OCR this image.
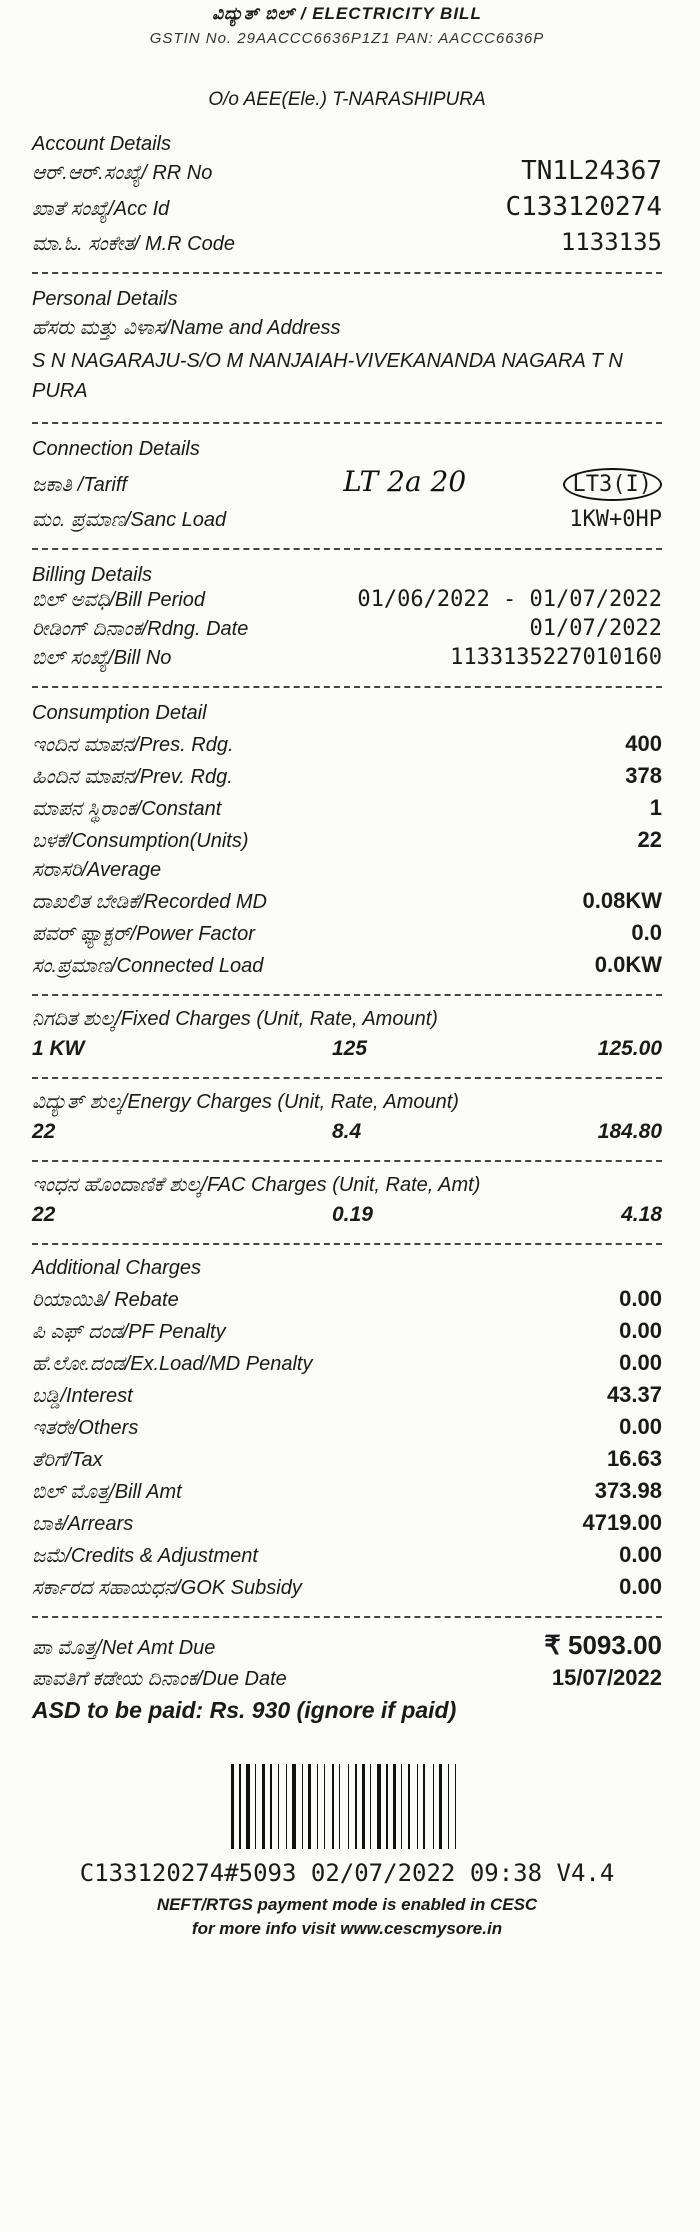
ವಿದ್ಯುತ್ ಬಿಲ್ / ELECTRICITY BILL
GSTIN No. 29AACCC6636P1Z1 PAN: AACCC6636P
O/o AEE(Ele.) T-NARASHIPURA
Account Details
ಆರ್.ಆರ್.ಸಂಖ್ಯೆ/ RR No	TN1L24367
ಖಾತೆ ಸಂಖ್ಯೆ/Acc Id	C133120274
ಮಾ.ಓ. ಸಂಕೇತ/ M.R Code	1133135
Personal Details
ಹೆಸರು ಮತ್ತು ವಿಳಾಸ/Name and Address
S N NAGARAJU-S/O M NANJAIAH-VIVEKANANDA NAGARA T N PURA
Connection Details
ಜಕಾತಿ /Tariff	LT 2a 20	LT3(I)
ಮಂ. ಪ್ರಮಾಣ/Sanc Load	1KW+0HP
Billing Details
ಬಿಲ್ ಅವಧಿ/Bill Period	01/06/2022 - 01/07/2022
ರೀಡಿಂಗ್ ದಿನಾಂಕ/Rdng. Date	01/07/2022
ಬಿಲ್ ಸಂಖ್ಯೆ/Bill No	1133135227010160
Consumption Detail
ಇಂದಿನ ಮಾಪನ/Pres. Rdg.	400
ಹಿಂದಿನ ಮಾಪನ/Prev. Rdg.	378
ಮಾಪನ ಸ್ಥಿರಾಂಕ/Constant	1
ಬಳಕೆ/Consumption(Units)	22
ಸರಾಸರಿ/Average
ದಾಖಲಿತ ಬೇಡಿಕೆ/Recorded MD	0.08KW
ಪವರ್ ಫ್ಯಾಕ್ಟರ್/Power Factor	0.0
ಸಂ.ಪ್ರಮಾಣ/Connected Load	0.0KW
ನಿಗದಿತ ಶುಲ್ಕ/Fixed Charges (Unit, Rate, Amount)
1 KW	125	125.00
ವಿದ್ಯುತ್ ಶುಲ್ಕ/Energy Charges (Unit, Rate, Amount)
22	8.4	184.80
ಇಂಧನ ಹೊಂದಾಣಿಕೆ ಶುಲ್ಕ/FAC Charges (Unit, Rate, Amt)
22	0.19	4.18
Additional Charges
ರಿಯಾಯಿತಿ/ Rebate	0.00
ಪಿ ಎಫ್ ದಂಡ/PF Penalty	0.00
ಹೆ.ಲೋ.ದಂಡ/Ex.Load/MD Penalty	0.00
ಬಡ್ಡಿ/Interest	43.37
ಇತರೇ/Others	0.00
ತೆರಿಗೆ/Tax	16.63
ಬಿಲ್ ಮೊತ್ತ/Bill Amt	373.98
ಬಾಕಿ/Arrears	4719.00
ಜಮೆ/Credits & Adjustment	0.00
ಸರ್ಕಾರದ ಸಹಾಯಧನ/GOK Subsidy	0.00
ಪಾ ಮೊತ್ತ/Net Amt Due	₹ 5093.00
ಪಾವತಿಗೆ ಕಡೇಯ ದಿನಾಂಕ/Due Date	15/07/2022
ASD to be paid: Rs. 930 (ignore if paid)
C133120274#5093 02/07/2022 09:38 V4.4
NEFT/RTGS payment mode is enabled in CESC
for more info visit www.cescmysore.in
